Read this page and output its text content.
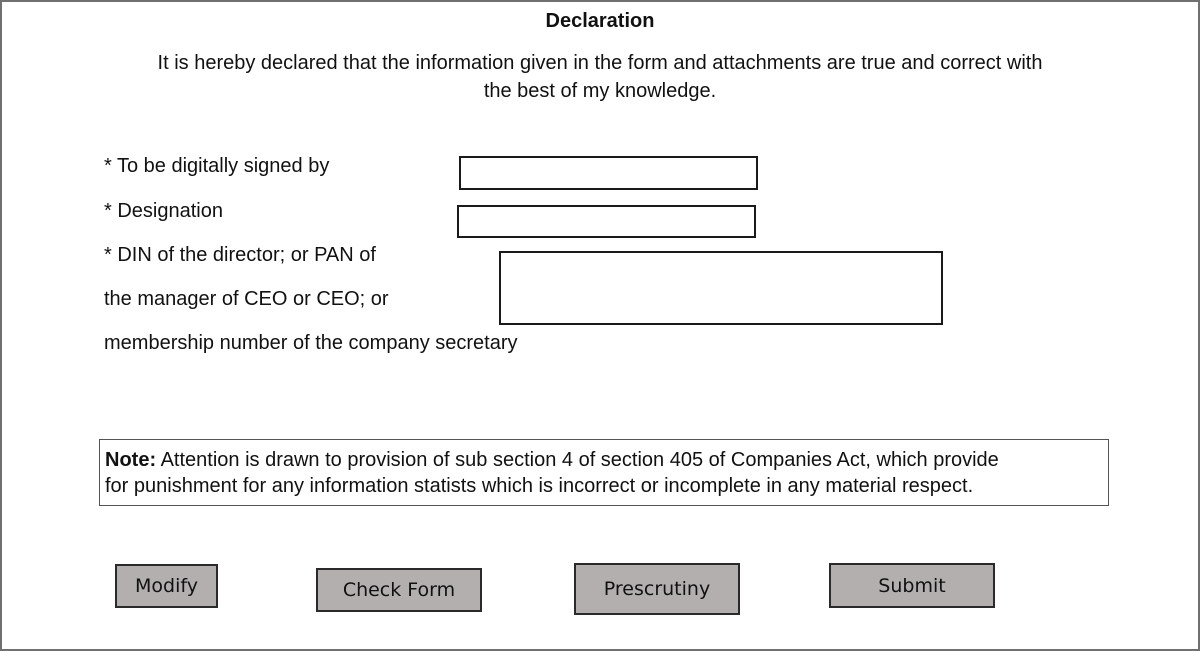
Declaration
It is hereby declared that the information given in the form and attachments are true and correct with
the best of my knowledge.
* To be digitally signed by
* Designation
* DIN of the director; or PAN of
the manager of CEO or CEO; or
membership number of the company secretary
Note: Attention is drawn to provision of sub section 4 of section 405 of Companies Act, which provide
for punishment for any information statists which is incorrect or incomplete in any material respect.
Modify	Check Form	Prescrutiny	Submit
